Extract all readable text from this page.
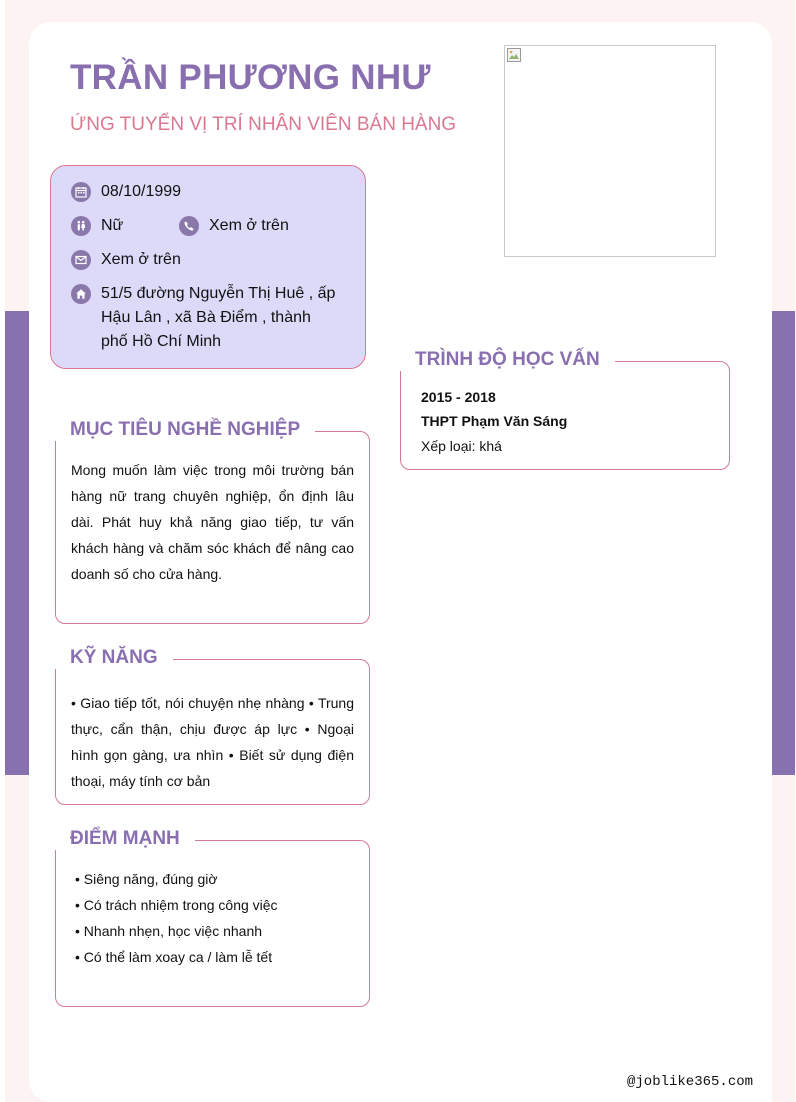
TRẦN PHƯƠNG NHƯ
ỨNG TUYỂN VỊ TRÍ NHÂN VIÊN BÁN HÀNG
08/10/1999
Nữ	Xem ở trên
Xem ở trên
51/5 đường Nguyễn Thị Huê , ấp Hậu Lân , xã Bà Điểm , thành phố Hồ Chí Minh
MỤC TIÊU NGHỀ NGHIỆP
Mong muốn làm việc trong môi trường bán hàng nữ trang chuyên nghiệp, ổn định lâu dài. Phát huy khả năng giao tiếp, tư vấn khách hàng và chăm sóc khách để nâng cao doanh số cho cửa hàng.
KỸ NĂNG
• Giao tiếp tốt, nói chuyện nhẹ nhàng • Trung thực, cẩn thận, chịu được áp lực • Ngoại hình gọn gàng, ưa nhìn • Biết sử dụng điện thoại, máy tính cơ bản
ĐIỂM MẠNH
• Siêng năng, đúng giờ
• Có trách nhiệm trong công việc
• Nhanh nhẹn, học việc nhanh
• Có thể làm xoay ca / làm lễ tết
TRÌNH ĐỘ HỌC VẤN
2015 - 2018
THPT Phạm Văn Sáng
Xếp loại: khá
@joblike365.com
